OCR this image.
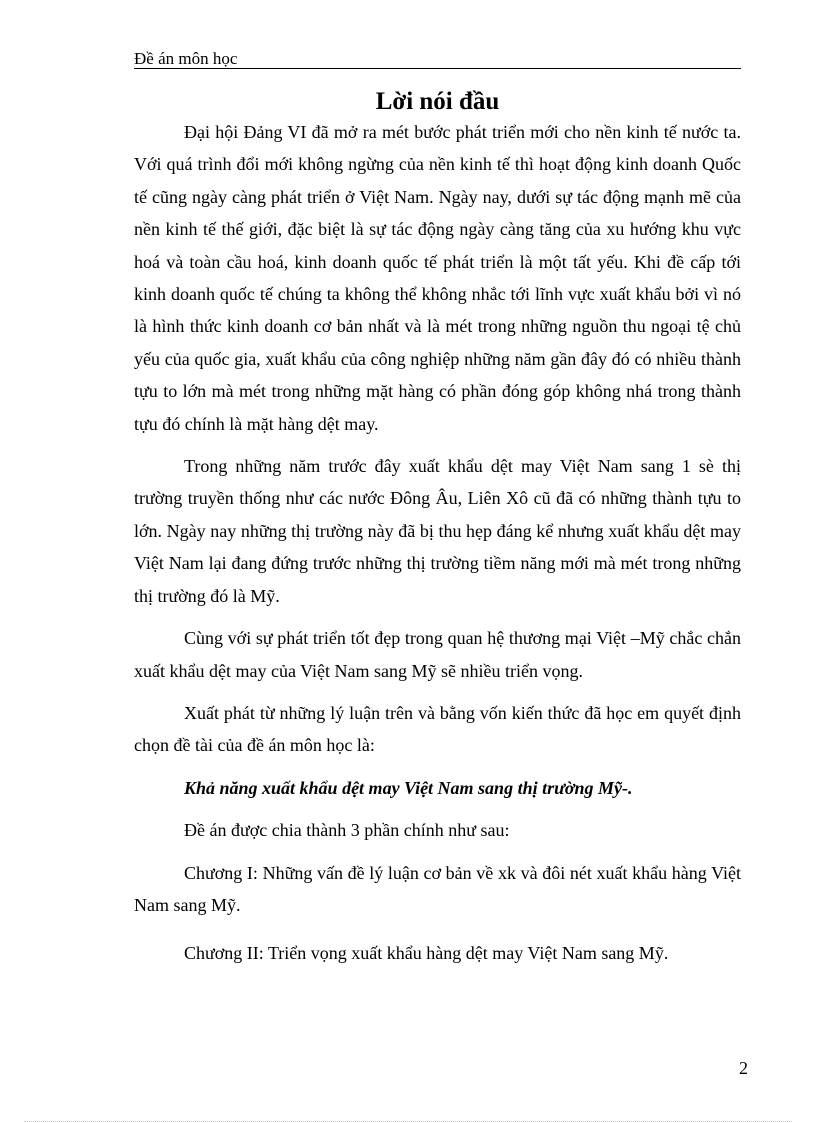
Đề án môn học
Lời nói đầu

Đại hội Đảng VI đã mở ra mét bước phát triển mới cho nền kinh tế nước ta. Với quá trình đổi mới không ngừng của nền kinh tế thì hoạt động kinh doanh Quốc tế cũng ngày càng phát triển ở Việt Nam. Ngày nay, dưới sự tác động mạnh mẽ của nền kinh tế thế giới, đặc biệt là sự tác động ngày càng tăng của xu hướng khu vực hoá và toàn cầu hoá, kinh doanh quốc tế phát triển là một tất yếu. Khi đề cấp tới kinh doanh quốc tế chúng ta không thể không nhắc tới lĩnh vực xuất khẩu bởi vì nó là hình thức kinh doanh cơ bản nhất và là mét trong những nguồn thu ngoại tệ chủ yếu của quốc gia, xuất khẩu của công nghiệp những năm gần đây đó có nhiều thành tựu to lớn mà mét trong những mặt hàng có phần đóng góp không nhá trong thành tựu đó chính là mặt hàng dệt may.

Trong những năm trước đây xuất khẩu dệt may Việt Nam sang 1 sè thị trường truyền thống như các nước Đông Âu, Liên Xô cũ đã có những thành tựu to lớn. Ngày nay những thị trường này đã bị thu hẹp đáng kể nhưng xuất khẩu dệt may Việt Nam lại đang đứng trước những thị trường tiềm năng mới mà mét trong những thị trường đó là Mỹ.

Cùng với sự phát triển tốt đẹp trong quan hệ thương mại Việt –Mỹ chắc chắn xuất khẩu dệt may của Việt Nam sang Mỹ sẽ nhiều triển vọng.

Xuất phát từ những lý luận trên và bằng vốn kiến thức đã học em quyết định chọn đề tài của đề án môn học là:

Khả năng xuất khẩu dệt may Việt Nam sang thị trường Mỹ-.

Đề án được chia thành 3 phần chính như sau:

Chương I: Những vấn đề lý luận cơ bản về xk và đôi nét xuất khẩu hàng Việt Nam sang Mỹ.

Chương II: Triển vọng xuất khẩu hàng dệt may Việt Nam sang Mỹ.

2
